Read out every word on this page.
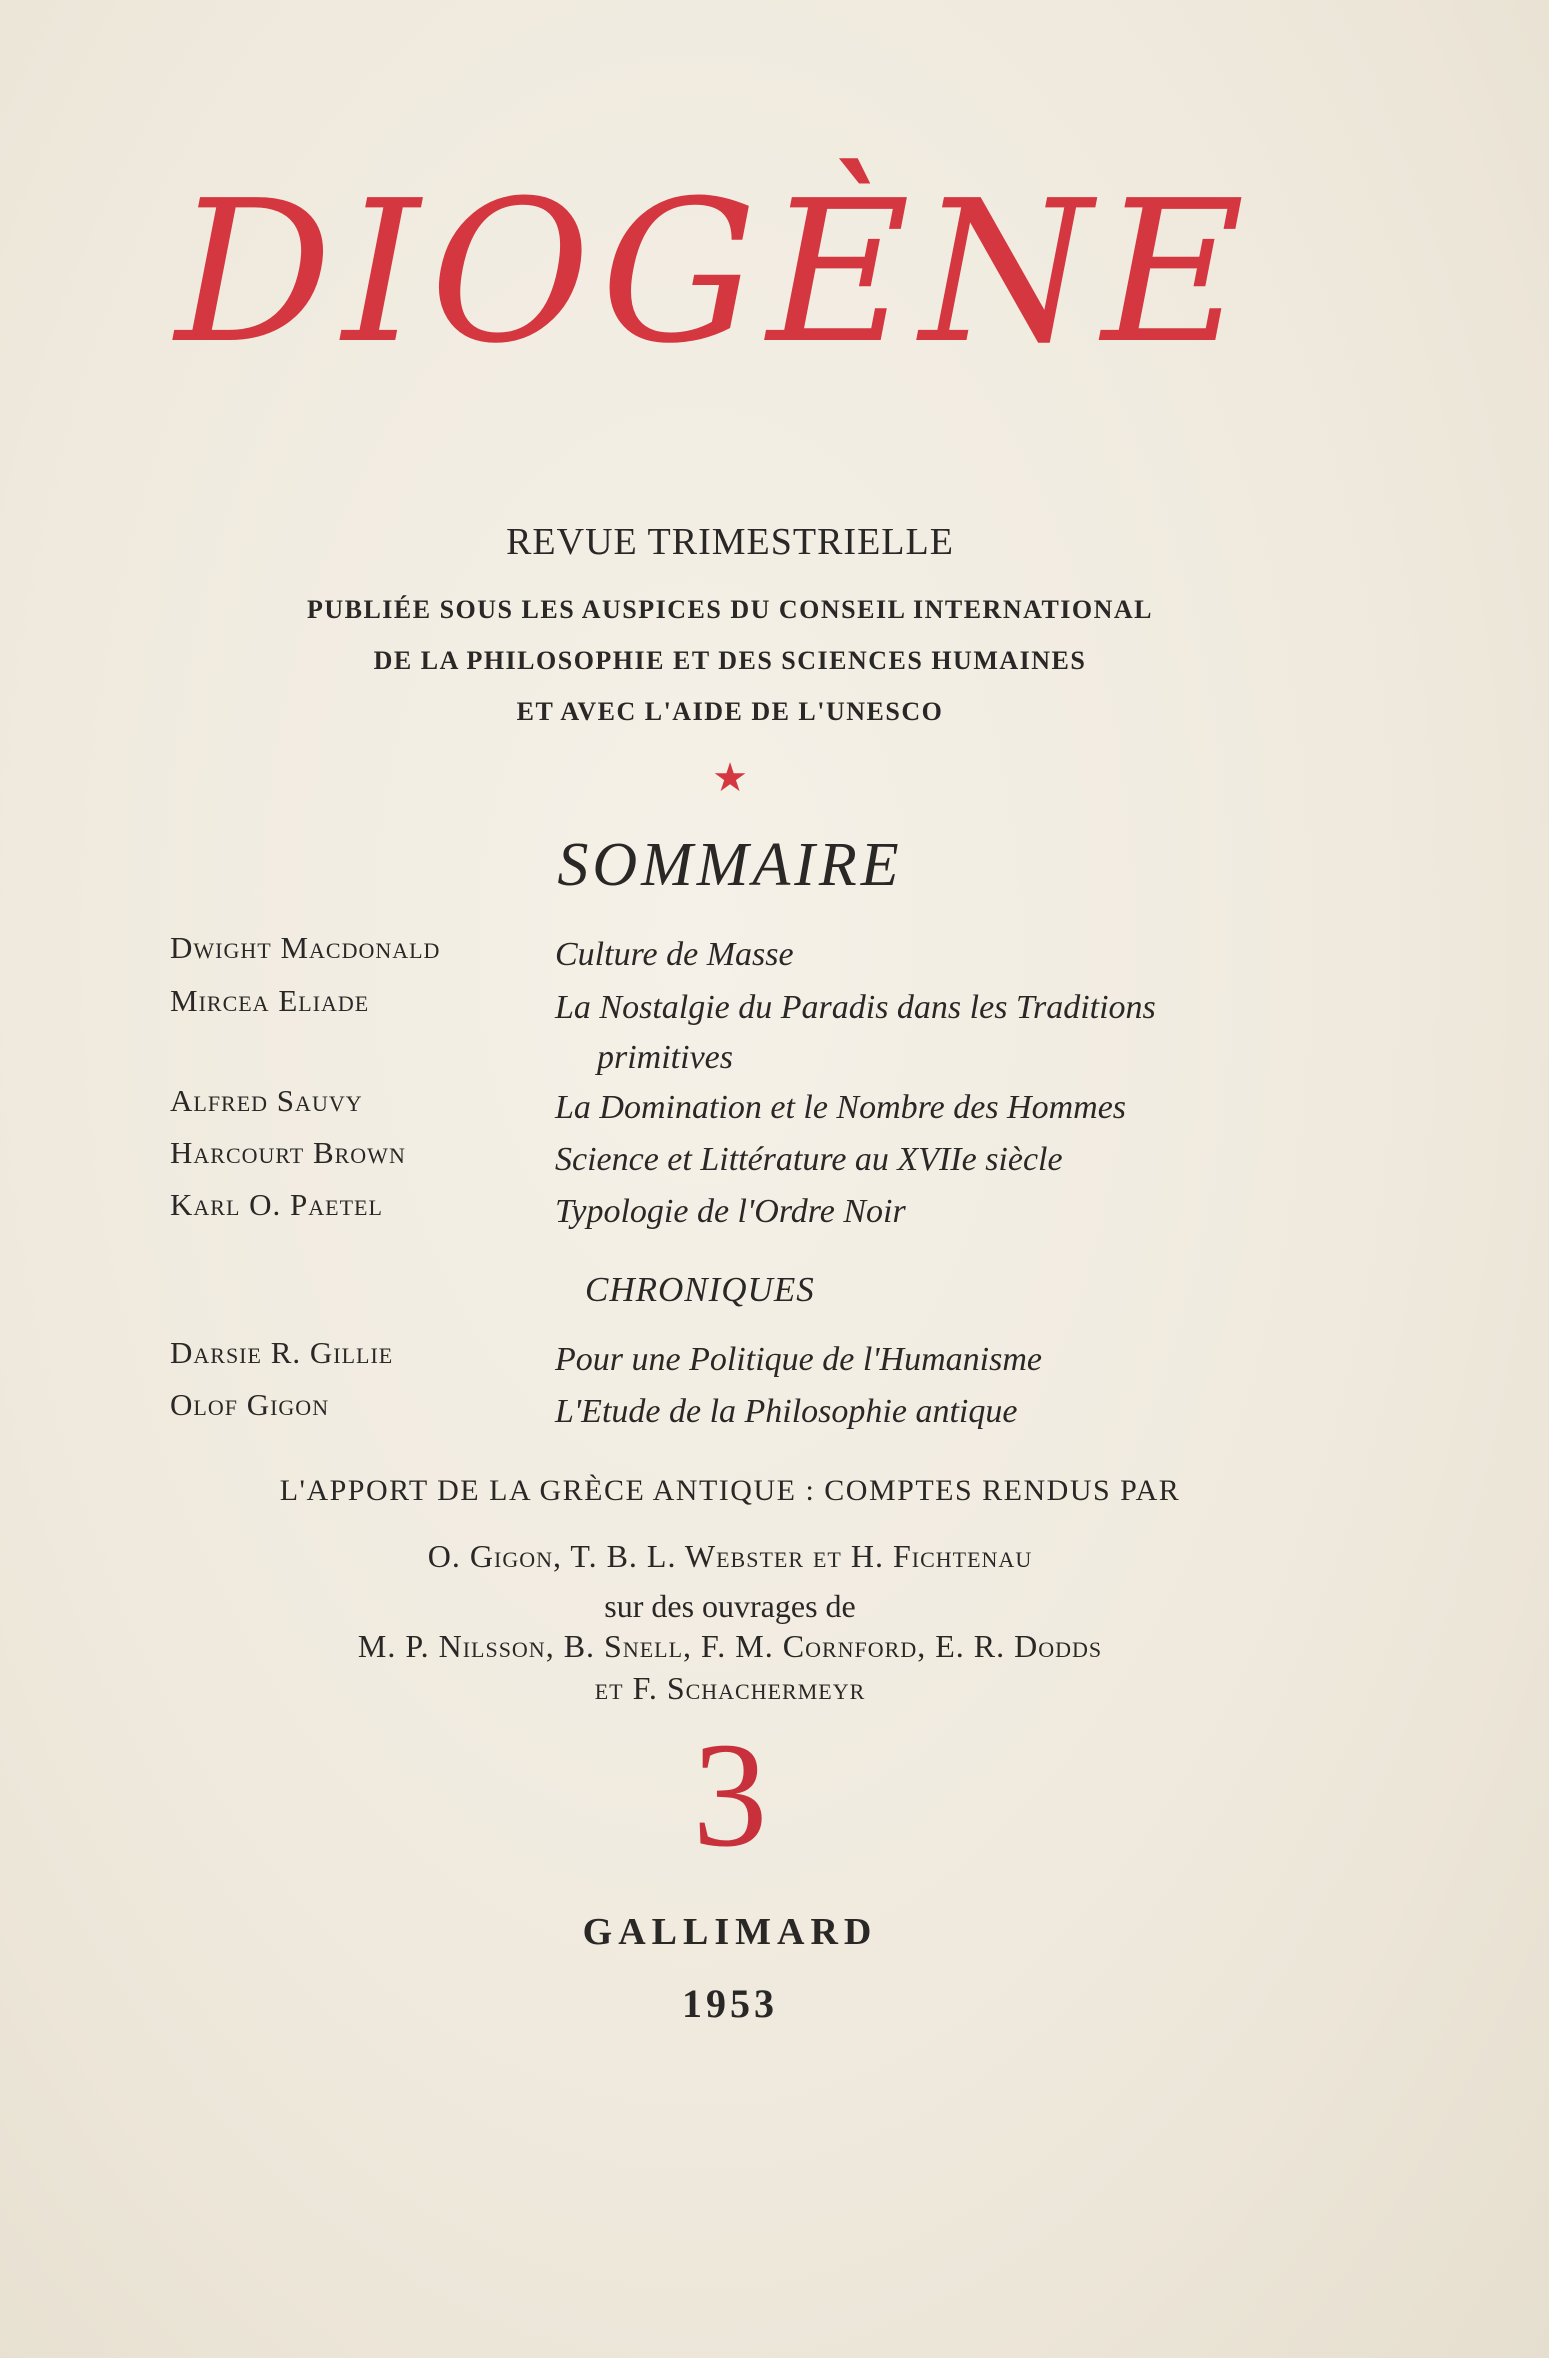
DIOGÈNE
REVUE TRIMESTRIELLE
PUBLIÉE SOUS LES AUSPICES DU CONSEIL INTERNATIONAL
DE LA PHILOSOPHIE ET DES SCIENCES HUMAINES
ET AVEC L'AIDE DE L'UNESCO
★
SOMMAIRE
Dwight Macdonald	Culture de Masse
Mircea Eliade	La Nostalgie du Paradis dans les Traditions
primitives
Alfred Sauvy	La Domination et le Nombre des Hommes
Harcourt Brown	Science et Littérature au XVIIe siècle
Karl O. Paetel	Typologie de l'Ordre Noir
CHRONIQUES
Darsie R. Gillie	Pour une Politique de l'Humanisme
Olof Gigon	L'Etude de la Philosophie antique
L'APPORT DE LA GRÈCE ANTIQUE : COMPTES RENDUS PAR
O. Gigon, T. B. L. Webster et H. Fichtenau
sur des ouvrages de
M. P. Nilsson, B. Snell, F. M. Cornford, E. R. Dodds
et F. Schachermeyr
3
GALLIMARD
1953
